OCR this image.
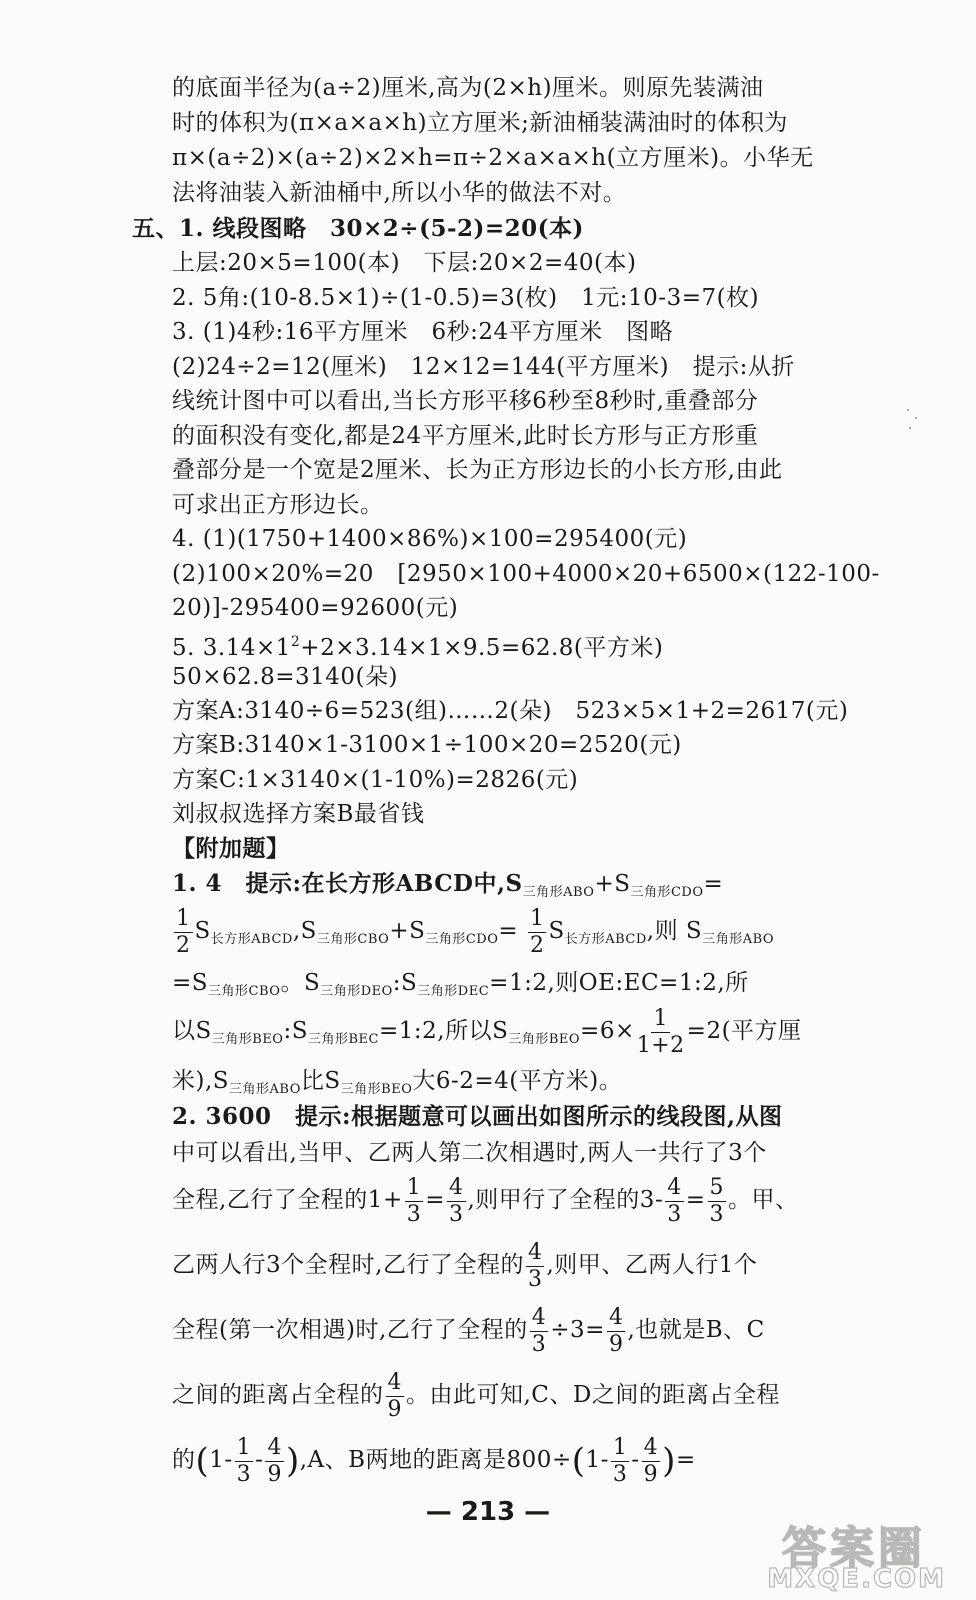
的底面半径为(a÷2)厘米,高为(2×h)厘米。则原先装满油
时的体积为(π×a×a×h)立方厘米;新油桶装满油时的体积为
π×(a÷2)×(a÷2)×2×h=π÷2×a×a×h(立方厘米)。小华无
法将油装入新油桶中,所以小华的做法不对。
五、1. 线段图略　30×2÷(5-2)=20(本)
上层:20×5=100(本)　下层:20×2=40(本)
2. 5角:(10-8.5×1)÷(1-0.5)=3(枚)　1元:10-3=7(枚)
3. (1)4秒:16平方厘米　6秒:24平方厘米　图略
(2)24÷2=12(厘米)　12×12=144(平方厘米)　提示:从折
线统计图中可以看出,当长方形平移6秒至8秒时,重叠部分
的面积没有变化,都是24平方厘米,此时长方形与正方形重
叠部分是一个宽是2厘米、长为正方形边长的小长方形,由此
可求出正方形边长。
4. (1)(1750+1400×86%)×100=295400(元)
(2)100×20%=20　[2950×100+4000×20+6500×(122-100-
20)]-295400=92600(元)
5. $3.14\times 1^2+2\times 3.14\times 1\times 9.5=62.8$(平方米)
50×62.8=3140(朵)
方案A:3140÷6=523(组)……2(朵)　523×5×1+2=2617(元)
方案B:3140×1-3100×1÷100×20=2520(元)
方案C:1×3140×(1-10%)=2826(元)
刘叔叔选择方案B最省钱
【附加题】
1. 4　提示:在长方形ABCD中$,S_{三角形ABO}+S_{三角形CDO}=$
$\frac{1}{2} S_{长方形ABCD},S_{三角形CBO}+S_{三角形CDO}= \frac{1}{2} S_{长方形ABCD}$,则 $S_{三角形ABO}$
$=S_{三角形CBO}$。$S_{三角形DEO}:S_{三角形DEC}=1:2$,则OE:EC=1:2,所
以$S_{三角形BEO}:S_{三角形BEC}=1:2$,所以$S_{三角形BEO}=6\times \frac{1}{1+2} =2$(平方厘
米)$,S_{三角形ABO}$比$S_{三角形BEO}$大6-2=4(平方米)。
2. 3600　提示:根据题意可以画出如图所示的线段图,从图
中可以看出,当甲、乙两人第二次相遇时,两人一共行了3个
全程,乙行了全程的$1+ \frac{1}{3} = \frac{4}{3}$ ,则甲行了全程的$3- \frac{4}{3} = \frac{5}{3}$ 。甲、
乙两人行3个全程时,乙行了全程的 $\frac{4}{3}$ ,则甲、乙两人行1个
全程(第一次相遇)时,乙行了全程的 $\frac{4}{3} \div 3= \frac{4}{9}$ ,也就是B、C
之间的距离占全程的 $\frac{4}{9}$ 。由此可知,C、D之间的距离占全程
的$(1- \frac{1}{3} - \frac{4}{9} ),A$、B两地的距离是$800\div(1- \frac{1}{3} - \frac{4}{9}$ )=
— 213 —
答案圈
MXQE.COM
